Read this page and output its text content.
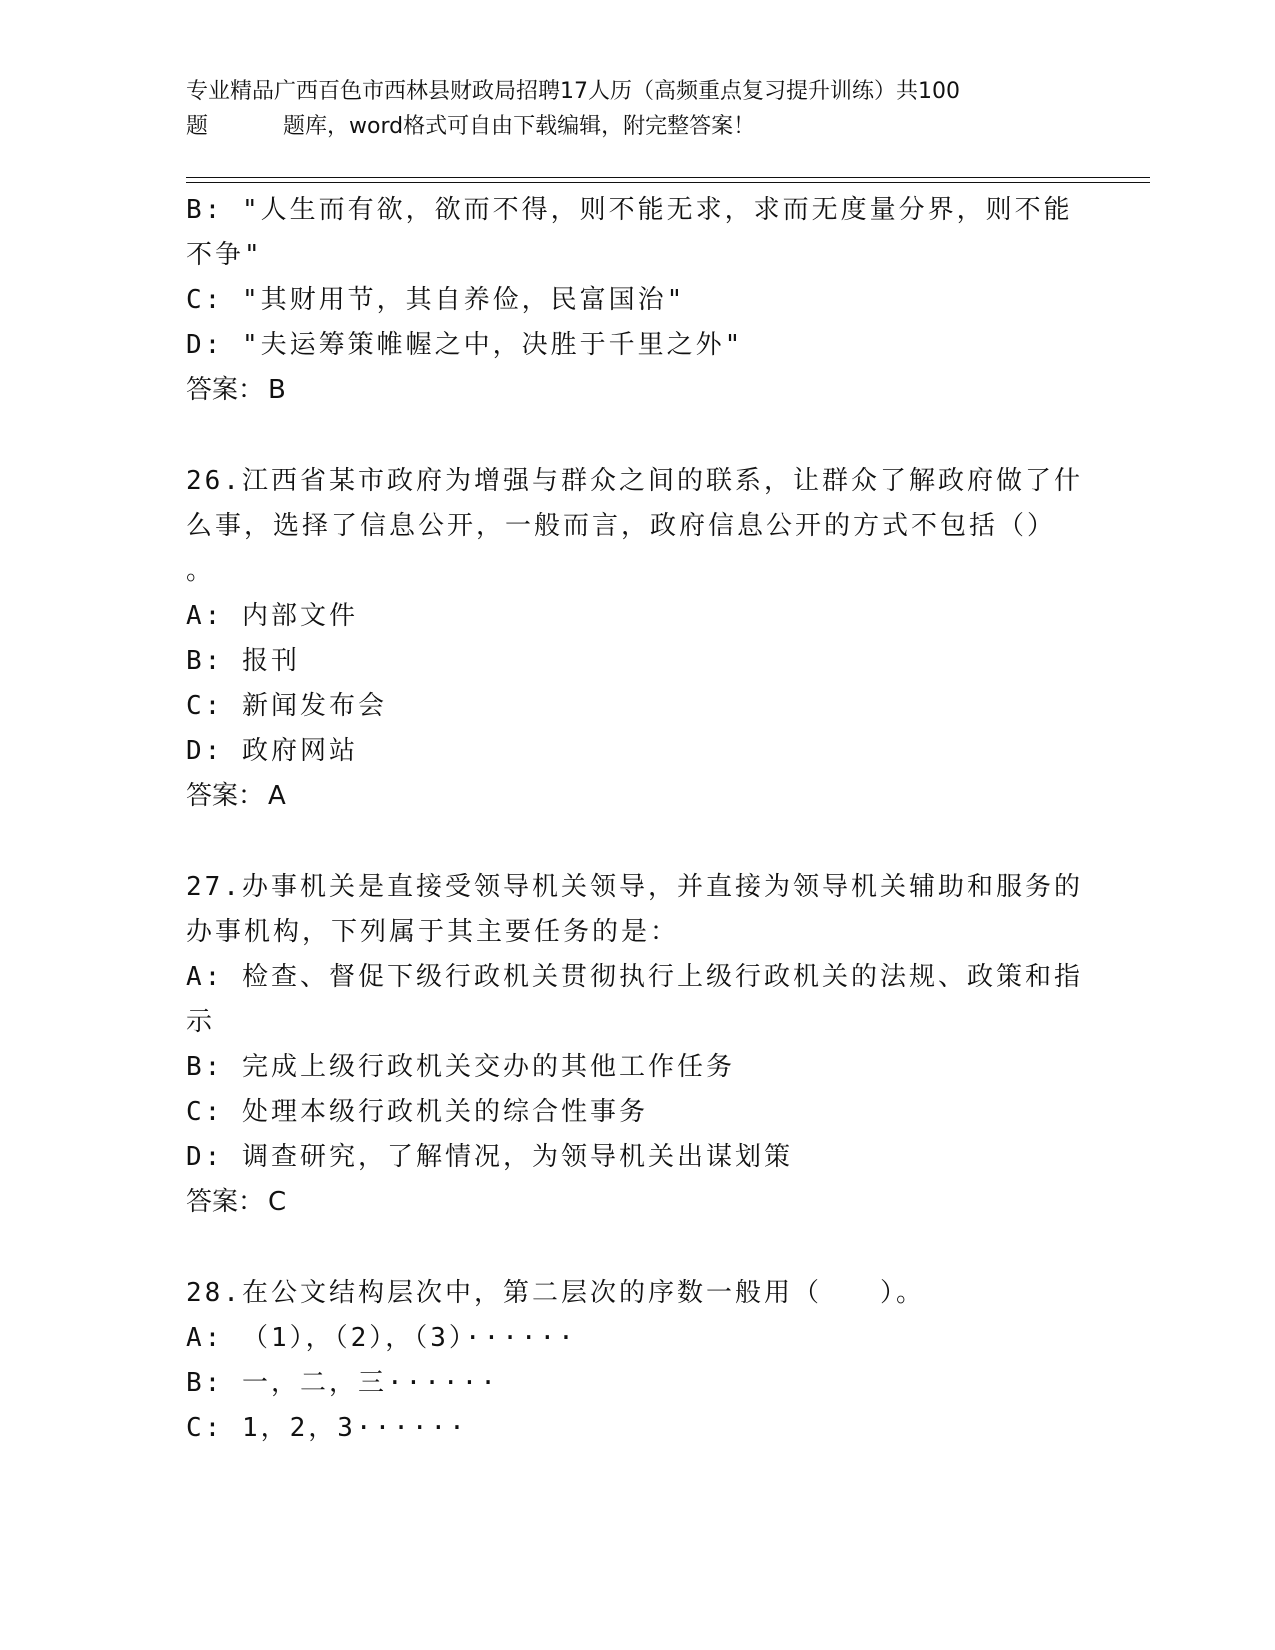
专业精品广西百色市西林县财政局招聘17人历（高频重点复习提升训练）共100
题	题库，word格式可自由下载编辑，附完整答案！
B: "人生而有欲，欲而不得，则不能无求，求而无度量分界，则不能
不争"
C: "其财用节，其自养俭，民富国治"
D: "夫运筹策帷幄之中，决胜于千里之外"
答案： B
26.江西省某市政府为增强与群众之间的联系，让群众了解政府做了什
么事，选择了信息公开，一般而言，政府信息公开的方式不包括（）
。
A: 内部文件
B: 报刊
C: 新闻发布会
D: 政府网站
答案： A
27.办事机关是直接受领导机关领导，并直接为领导机关辅助和服务的
办事机构，下列属于其主要任务的是：
A: 检查、督促下级行政机关贯彻执行上级行政机关的法规、政策和指
示
B: 完成上级行政机关交办的其他工作任务
C: 处理本级行政机关的综合性事务
D: 调查研究，了解情况，为领导机关出谋划策
答案： C
28.在公文结构层次中，第二层次的序数一般用（　　）。
A: （1），（2），（3）······
B: 一，二，三······
C: 1，2，3······
